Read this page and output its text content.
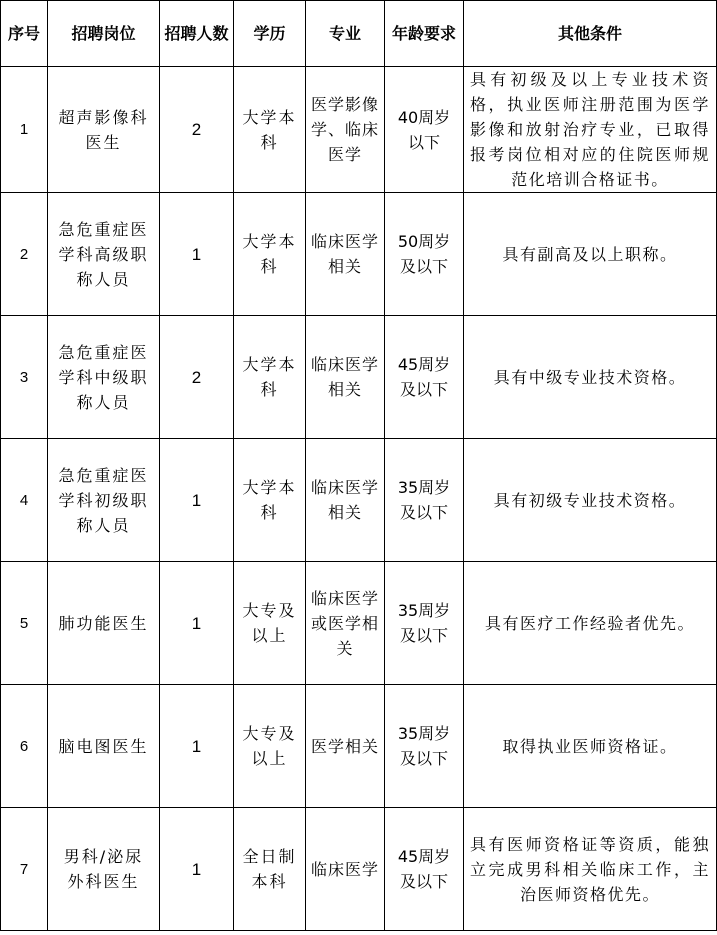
序号	招聘岗位	招聘人数	学历	专业	年龄要求	其他条件
1	超声影像科医生	2	大学本科	医学影像学、临床医学	40周岁以下	具有初级及以上专业技术资格，执业医师注册范围为医学影像和放射治疗专业，已取得报考岗位相对应的住院医师规范化培训合格证书。
2	急危重症医学科高级职称人员	1	大学本科	临床医学相关	50周岁及以下	具有副高及以上职称。
3	急危重症医学科中级职称人员	2	大学本科	临床医学相关	45周岁及以下	具有中级专业技术资格。
4	急危重症医学科初级职称人员	1	大学本科	临床医学相关	35周岁及以下	具有初级专业技术资格。
5	肺功能医生	1	大专及以上	临床医学或医学相关	35周岁及以下	具有医疗工作经验者优先。
6	脑电图医生	1	大专及以上	医学相关	35周岁及以下	取得执业医师资格证。
7	男科/泌尿外科医生	1	全日制本科	临床医学	45周岁及以下	具有医师资格证等资质，能独立完成男科相关临床工作，主治医师资格优先。
